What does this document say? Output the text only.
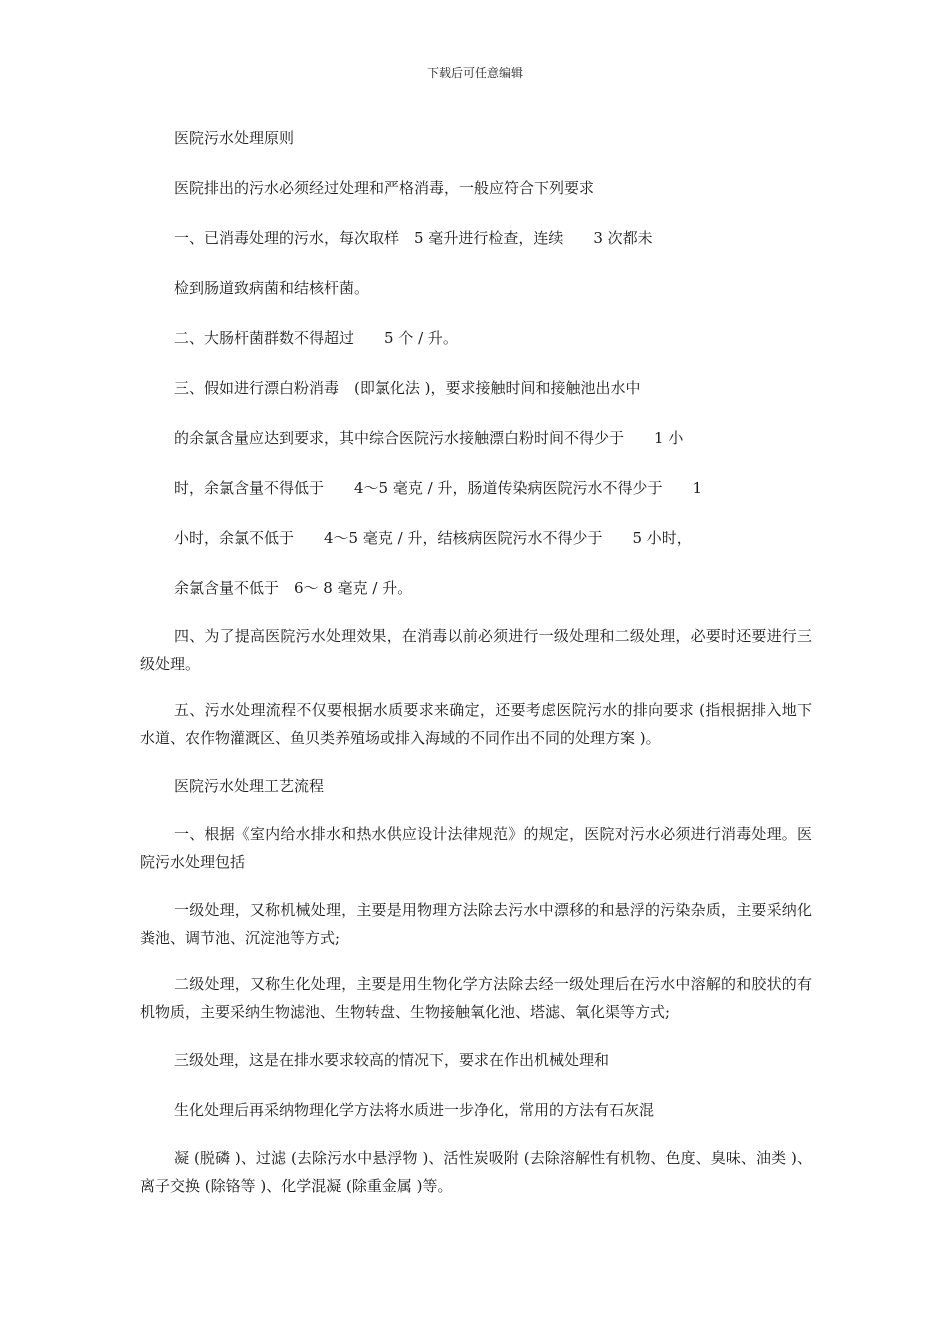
下载后可任意编辑
医院污水处理原则
医院排出的污水必须经过处理和严格消毒，一般应符合下列要求
一、已消毒处理的污水，每次取样　5 毫升进行检查，连续　　3 次都未
检到肠道致病菌和结核杆菌。
二、大肠杆菌群数不得超过　　5 个 / 升。
三、假如进行漂白粉消毒　(即氯化法 )，要求接触时间和接触池出水中
的余氯含量应达到要求，其中综合医院污水接触漂白粉时间不得少于　　1 小
时，余氯含量不得低于　　4～5 毫克 / 升，肠道传染病医院污水不得少于　　1
小时，余氯不低于　　4～5 毫克 / 升，结核病医院污水不得少于　　5 小时，
余氯含量不低于　6～ 8 毫克 / 升。
四、为了提高医院污水处理效果，在消毒以前必须进行一级处理和二级处理，必要时还要进行三级处理。
五、污水处理流程不仅要根据水质要求来确定，还要考虑医院污水的排向要求 (指根据排入地下水道、农作物灌溉区、鱼贝类养殖场或排入海域的不同作出不同的处理方案 )。
医院污水处理工艺流程
一、根据《室内给水排水和热水供应设计法律规范》的规定，医院对污水必须进行消毒处理。医院污水处理包括
一级处理，又称机械处理，主要是用物理方法除去污水中漂移的和悬浮的污染杂质，主要采纳化粪池、调节池、沉淀池等方式;
二级处理，又称生化处理，主要是用生物化学方法除去经一级处理后在污水中溶解的和胶状的有机物质，主要采纳生物滤池、生物转盘、生物接触氧化池、塔滤、氧化渠等方式;
三级处理，这是在排水要求较高的情况下，要求在作出机械处理和
生化处理后再采纳物理化学方法将水质进一步净化，常用的方法有石灰混
凝 (脱磷 )、过滤 (去除污水中悬浮物 )、活性炭吸附 (去除溶解性有机物、色度、臭味、油类 )、离子交换 (除铬等 )、化学混凝 (除重金属 )等。
